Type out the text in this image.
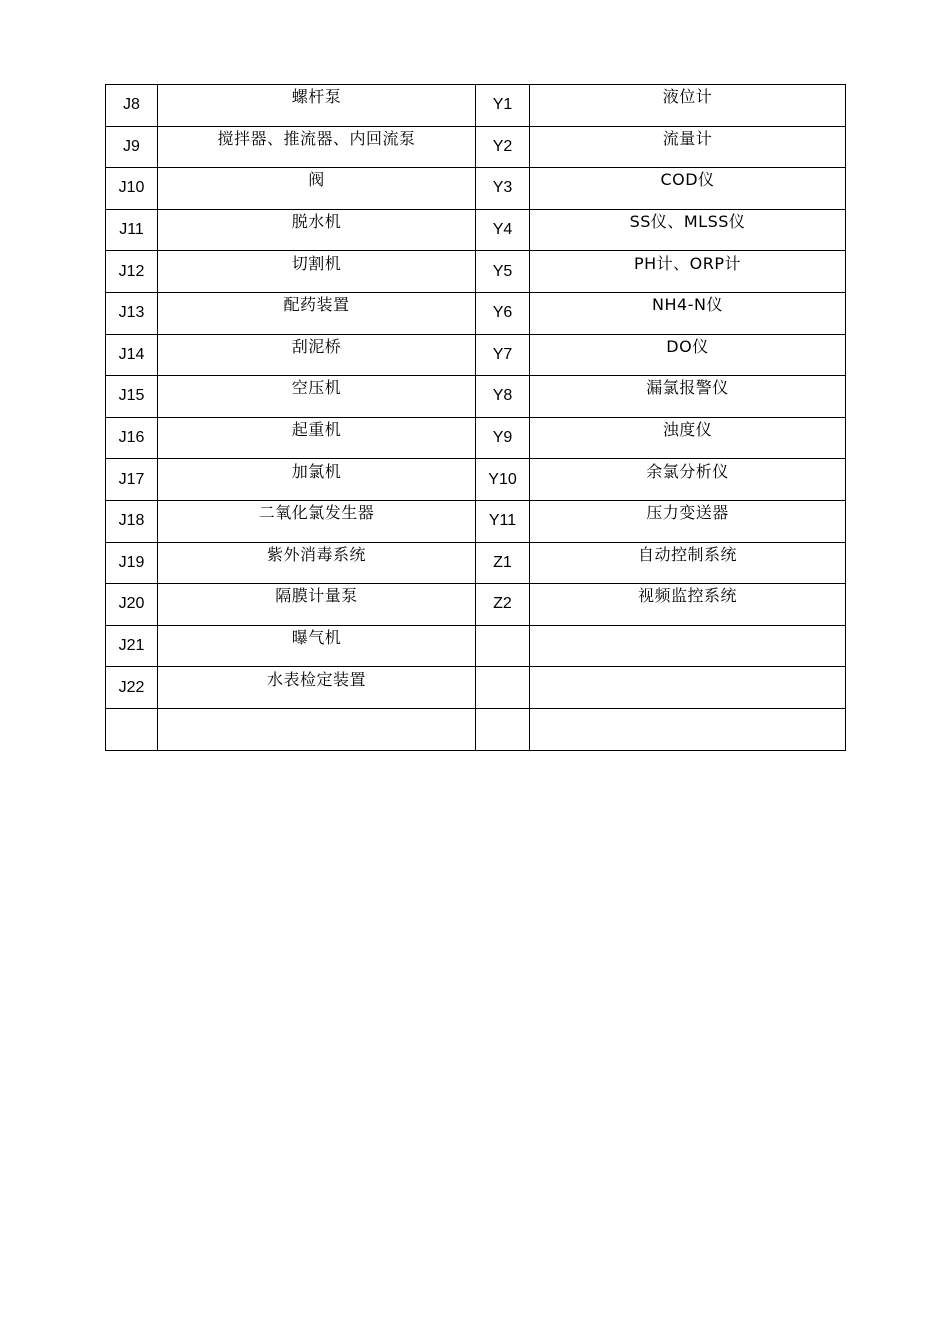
J8	螺杆泵	Y1	液位计
J9	搅拌器、推流器、内回流泵	Y2	流量计
J10	阀	Y3	COD仪
J11	脱水机	Y4	SS仪、MLSS仪
J12	切割机	Y5	PH计、ORP计
J13	配药装置	Y6	NH4-N仪
J14	刮泥桥	Y7	DO仪
J15	空压机	Y8	漏氯报警仪
J16	起重机	Y9	浊度仪
J17	加氯机	Y10	余氯分析仪
J18	二氧化氯发生器	Y11	压力变送器
J19	紫外消毒系统	Z1	自动控制系统
J20	隔膜计量泵	Z2	视频监控系统
J21	曝气机		
J22	水表检定装置		
